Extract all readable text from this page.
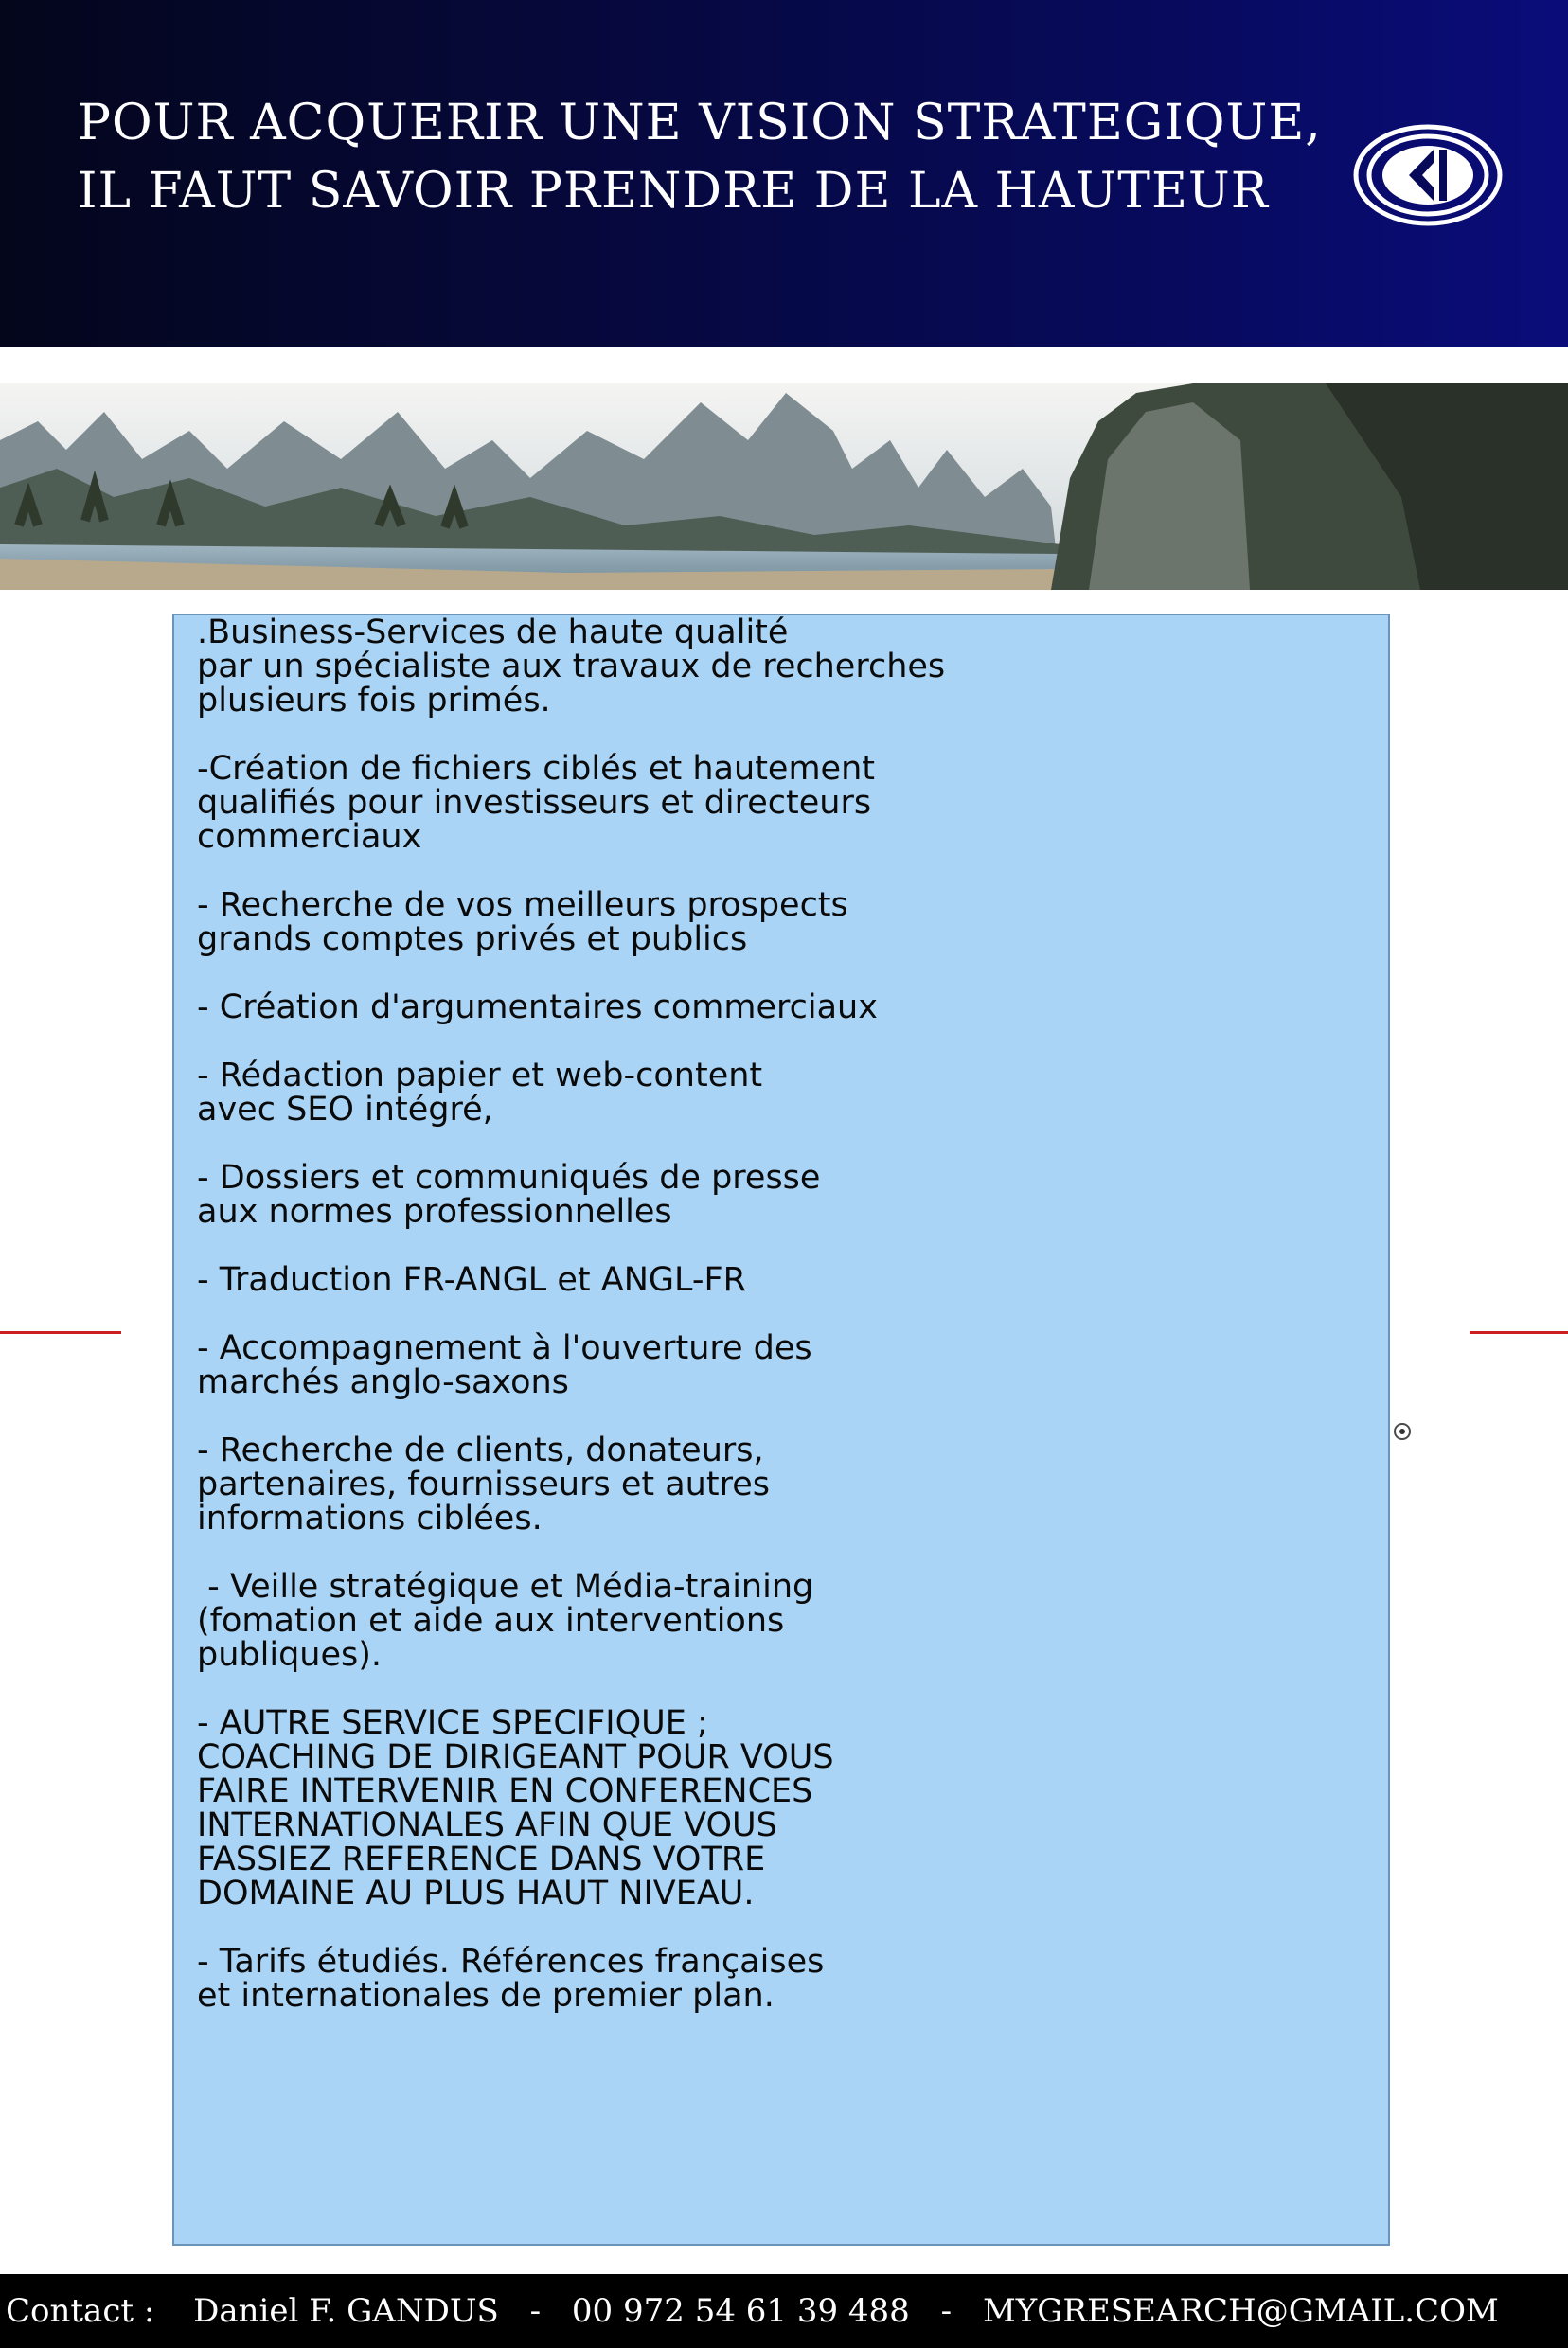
POUR ACQUERIR UNE VISION STRATEGIQUE,
IL FAUT SAVOIR PRENDRE DE LA HAUTEUR
.Business-Services de haute qualité
par un spécialiste aux travaux de recherches
plusieurs fois primés.
-Création de fichiers ciblés et hautement
qualifiés pour investisseurs et directeurs
commerciaux
- Recherche de vos meilleurs prospects
grands comptes privés et publics
- Création d'argumentaires commerciaux
- Rédaction papier et web-content
avec SEO intégré,
- Dossiers et communiqués de presse
aux normes professionnelles
- Traduction FR-ANGL et ANGL-FR
- Accompagnement à l'ouverture des
marchés anglo-saxons
- Recherche de clients, donateurs,
partenaires, fournisseurs et autres
informations ciblées.
- Veille stratégique et Média-training
(fomation et aide aux interventions
publiques).
- AUTRE SERVICE SPECIFIQUE ;
COACHING DE DIRIGEANT POUR VOUS
FAIRE INTERVENIR EN CONFERENCES
INTERNATIONALES AFIN QUE VOUS
FASSIEZ REFERENCE DANS VOTRE
DOMAINE AU PLUS HAUT NIVEAU.
- Tarifs étudiés. Références françaises
et internationales de premier plan.
Contact : Daniel F. GANDUS - 00 972 54 61 39 488 - MYGRESEARCH@GMAIL.COM
